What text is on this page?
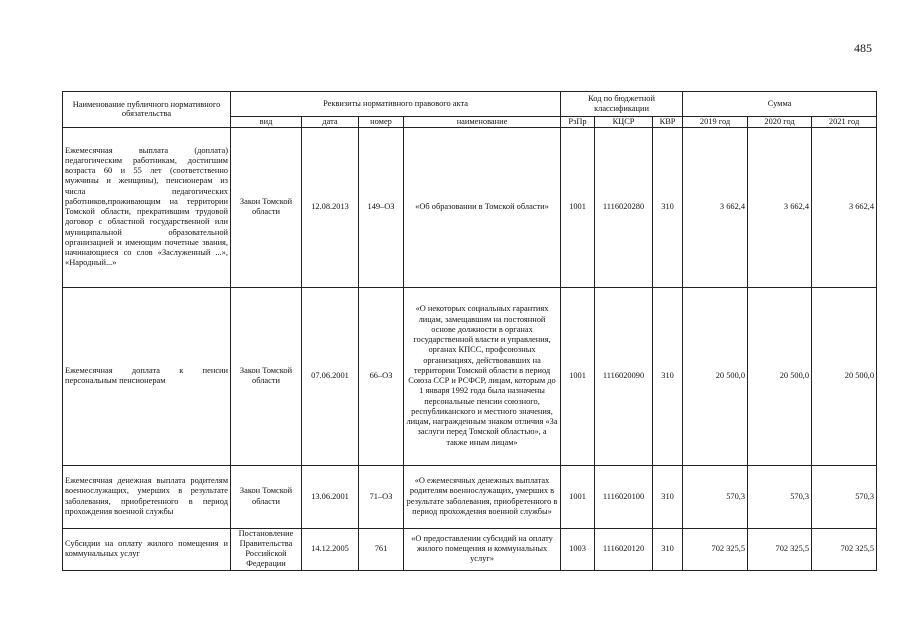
485
Наименование публичного нормативного обязательства	Реквизиты нормативного правового акта				Код по бюджетной классификации			Сумма		
	вид	дата	номер	наименование	РзПр	КЦСР	КВР	2019 год	2020 год	2021 год
Ежемесячная выплата (доплата) педагогическим работникам, достигшим возраста 60 и 55 лет (соответственно мужчины и женщины), пенсионерам из числа педагогических работников,проживающим на территории Томской области, прекратившим трудовой договор с областной государственной или муниципальной образовательной организацией и имеющим почетные звания, начинающиеся со слов «Заслуженный ...», «Народный...»	Закон Томской области	12.08.2013	149–ОЗ	«Об образовании в Томской области»	1001	1116020280	310	3 662,4	3 662,4	3 662,4
Ежемесячная доплата к пенсии персональным пенсионерам	Закон Томской области	07.06.2001	66–ОЗ	«О некоторых социальных гарантиях лицам, замещавшим на постоянной основе должности в органах государственной власти и управления, органах КПСС, профсоюзных организациях, действовавших на территории Томской области в период Союза ССР и РСФСР, лицам, которым до 1 января 1992 года была назначены персональные пенсии союзного, республиканского и местного значения, лицам, награжденным знаком отличия «За заслуги перед Томской областью», а также иным лицам»	1001	1116020090	310	20 500,0	20 500,0	20 500,0
Ежемесячная денежная выплата родителям военнослужащих, умерших в результате заболевания, приобретенного в период прохождения военной службы	Закон Томской области	13.06.2001	71–ОЗ	«О ежемесячных денежных выплатах родителям военнослужащих, умерших в результате заболевания, приобретенного в период прохождения военной службы»	1001	1116020100	310	570,3	570,3	570,3
Субсидии на оплату жилого помещения и коммунальных услуг	Постановление Правительства Российской Федерации	14.12.2005	761	«О предоставлении субсидий на оплату жилого помещения и коммунальных услуг»	1003	1116020120	310	702 325,5	702 325,5	702 325,5
